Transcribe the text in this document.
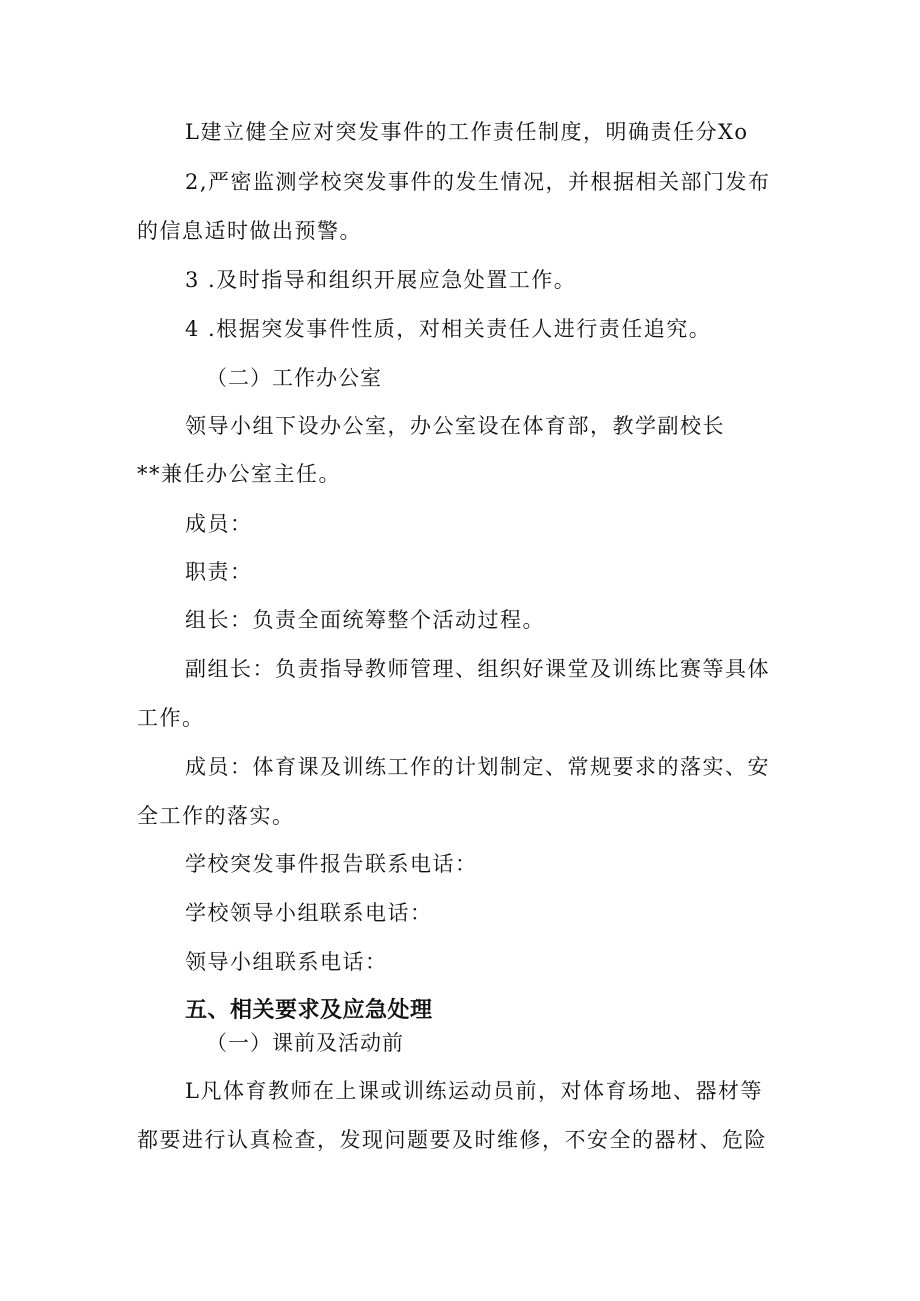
L建立健全应对突发事件的工作责任制度，明确责任分Xo
2,严密监测学校突发事件的发生情况，并根据相关部门发布
的信息适时做出预警。
3 .及时指导和组织开展应急处置工作。
4 .根据突发事件性质，对相关责任人进行责任追究。
（二）工作办公室
领导小组下设办公室，办公室设在体育部，教学副校长
**兼任办公室主任。
成员：
职责：
组长：负责全面统筹整个活动过程。
副组长：负责指导教师管理、组织好课堂及训练比赛等具体
工作。
成员：体育课及训练工作的计划制定、常规要求的落实、安
全工作的落实。
学校突发事件报告联系电话：
学校领导小组联系电话：
领导小组联系电话：
五、相关要求及应急处理
（一）课前及活动前
L凡体育教师在上课或训练运动员前，对体育场地、器材等
都要进行认真检查，发现问题要及时维修，不安全的器材、危险
